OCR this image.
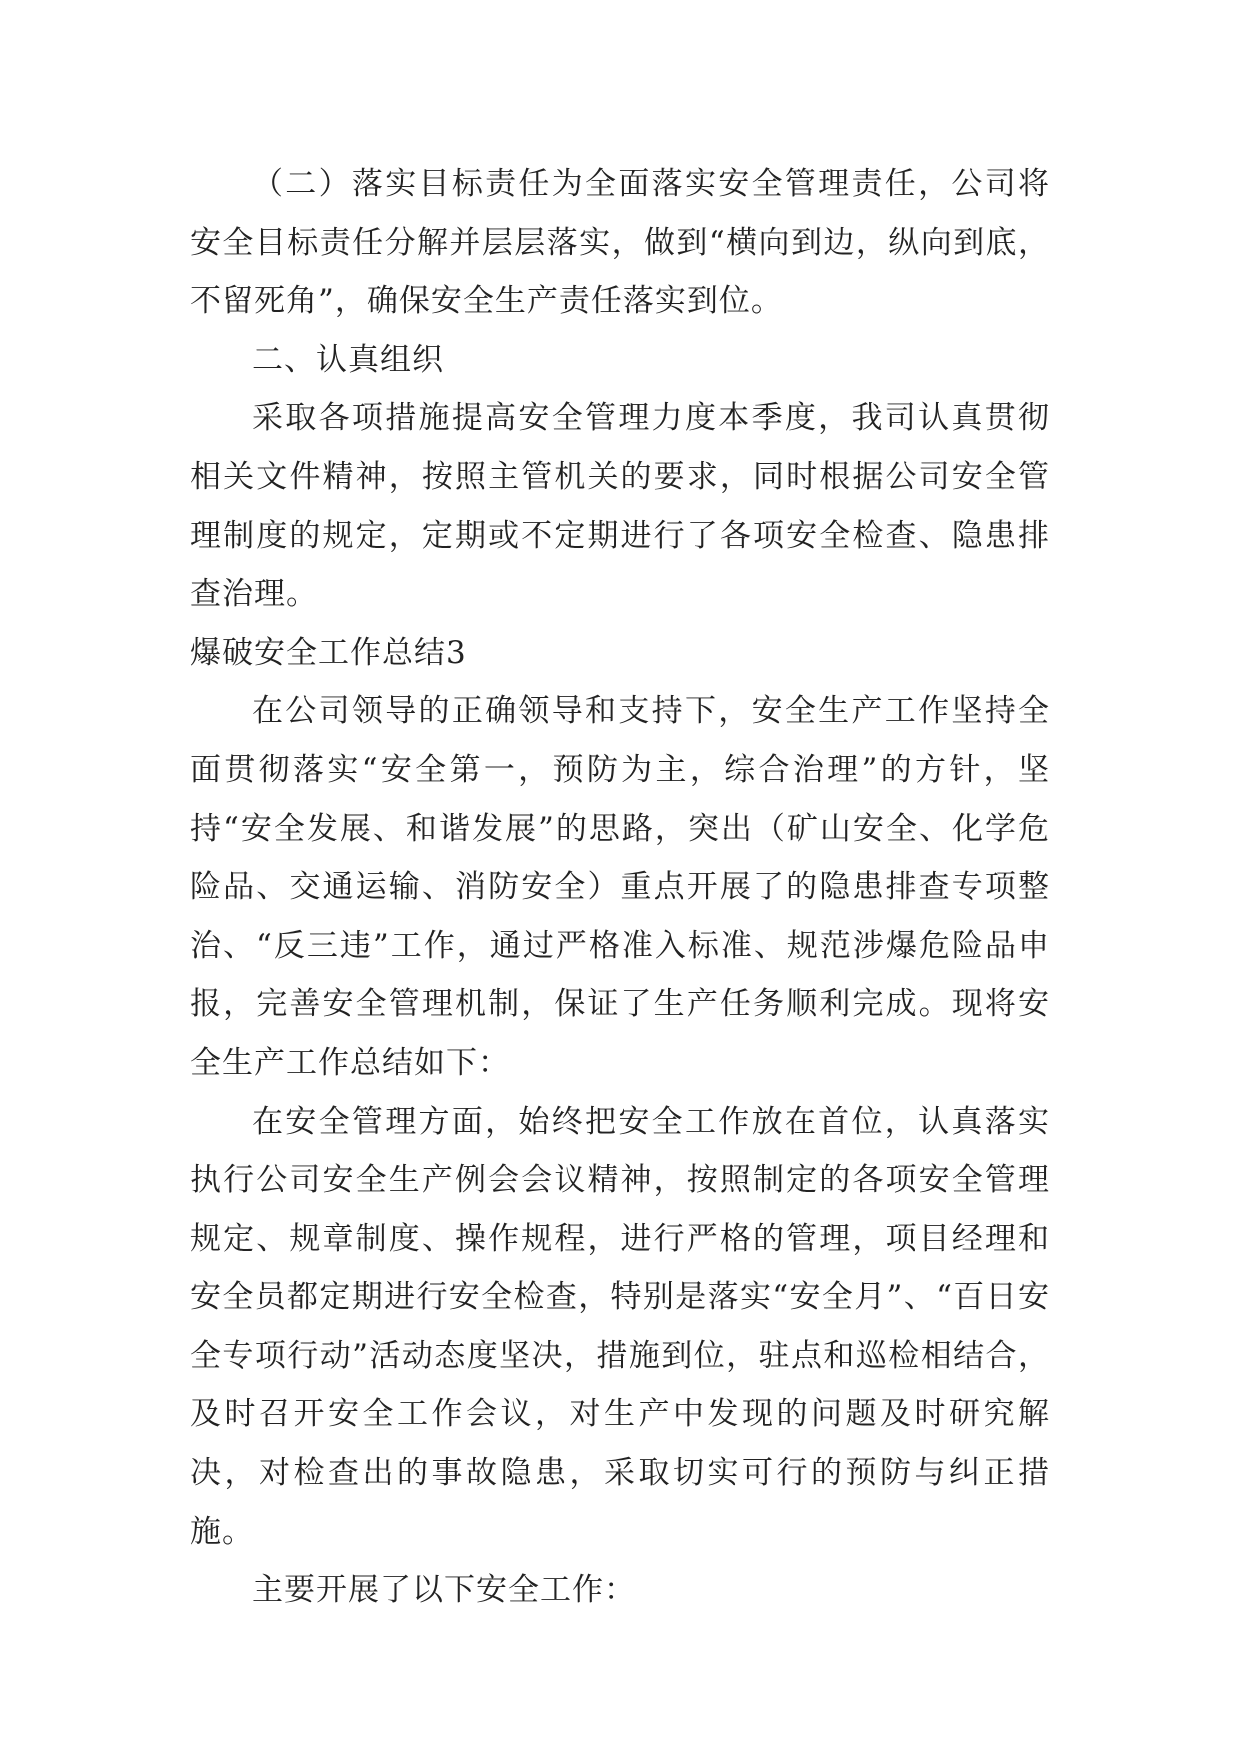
（二）落实目标责任为全面落实安全管理责任，公司将安全目标责任分解并层层落实，做到“横向到边，纵向到底，不留死角”，确保安全生产责任落实到位。

二、认真组织

采取各项措施提高安全管理力度本季度，我司认真贯彻相关文件精神，按照主管机关的要求，同时根据公司安全管理制度的规定，定期或不定期进行了各项安全检查、隐患排查治理。

爆破安全工作总结3

在公司领导的正确领导和支持下，安全生产工作坚持全面贯彻落实“安全第一，预防为主，综合治理”的方针，坚持“安全发展、和谐发展”的思路，突出（矿山安全、化学危险品、交通运输、消防安全）重点开展了的隐患排查专项整治、“反三违”工作，通过严格准入标准、规范涉爆危险品申报，完善安全管理机制，保证了生产任务顺利完成。现将安全生产工作总结如下：

在安全管理方面，始终把安全工作放在首位，认真落实执行公司安全生产例会会议精神，按照制定的各项安全管理规定、规章制度、操作规程，进行严格的管理，项目经理和安全员都定期进行安全检查，特别是落实“安全月”、“百日安全专项行动”活动态度坚决，措施到位，驻点和巡检相结合，及时召开安全工作会议，对生产中发现的问题及时研究解决，对检查出的事故隐患，采取切实可行的预防与纠正措施。

主要开展了以下安全工作：
